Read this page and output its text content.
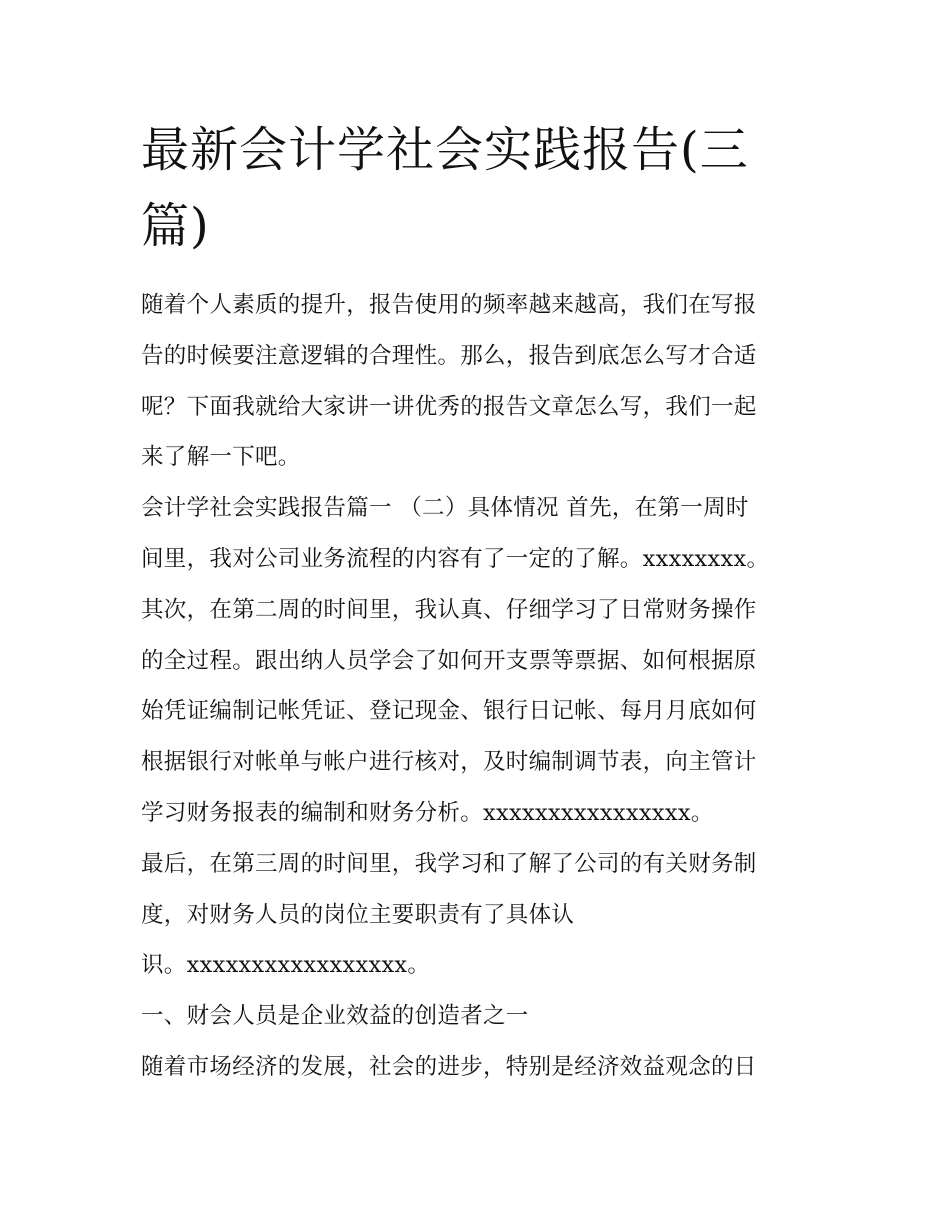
最新会计学社会实践报告(三
篇)
随着个人素质的提升，报告使用的频率越来越高，我们在写报
告的时候要注意逻辑的合理性。那么，报告到底怎么写才合适
呢？下面我就给大家讲一讲优秀的报告文章怎么写，我们一起
来了解一下吧。
会计学社会实践报告篇一 （二）具体情况 首先，在第一周时
间里，我对公司业务流程的内容有了一定的了解。xxxxxxxx。
其次，在第二周的时间里，我认真、仔细学习了日常财务操作
的全过程。跟出纳人员学会了如何开支票等票据、如何根据原
始凭证编制记帐凭证、登记现金、银行日记帐、每月月底如何
根据银行对帐单与帐户进行核对，及时编制调节表，向主管计
学习财务报表的编制和财务分析。xxxxxxxxxxxxxxxx。
最后，在第三周的时间里，我学习和了解了公司的有关财务制
度，对财务人员的岗位主要职责有了具体认
识。xxxxxxxxxxxxxxxxx。
一、财会人员是企业效益的创造者之一
随着市场经济的发展，社会的进步，特别是经济效益观念的日
